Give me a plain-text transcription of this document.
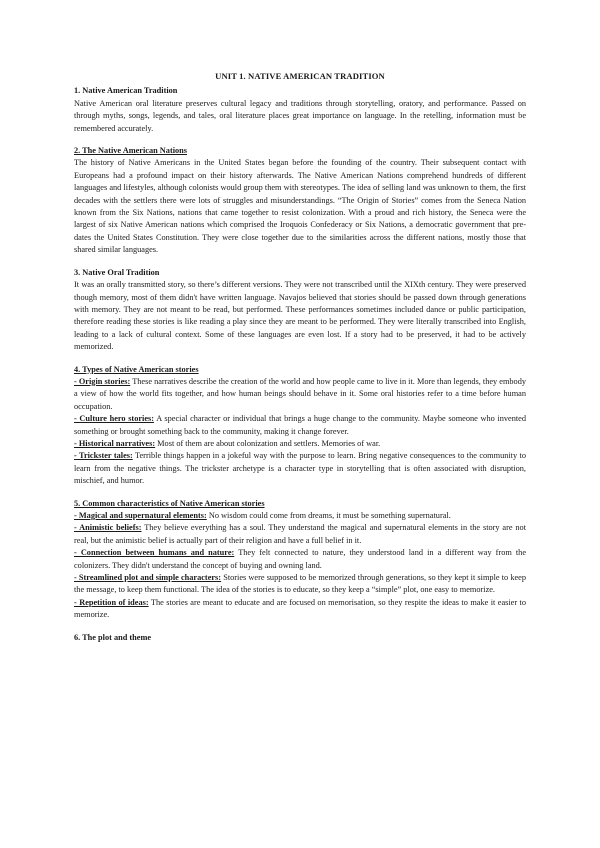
UNIT 1. NATIVE AMERICAN TRADITION
1. Native American Tradition

Native American oral literature preserves cultural legacy and traditions through storytelling, oratory, and performance. Passed on through myths, songs, legends, and tales, oral literature places great importance on language. In the retelling, information must be remembered accurately.

2. The Native American Nations

The history of Native Americans in the United States began before the founding of the country. Their subsequent contact with Europeans had a profound impact on their history afterwards. The Native American Nations comprehend hundreds of different languages and lifestyles, although colonists would group them with stereotypes. The idea of selling land was unknown to them, the first decades with the settlers there were lots of struggles and misunderstandings. “The Origin of Stories” comes from the Seneca Nation known from the Six Nations, nations that came together to resist colonization. With a proud and rich history, the Seneca were the largest of six Native American nations which comprised the Iroquois Confederacy or Six Nations, a democratic government that pre-dates the United States Constitution. They were close together due to the similarities across the different nations, mostly those that shared similar languages.

3. Native Oral Tradition

It was an orally transmitted story, so there’s different versions. They were not transcribed until the XIXth century. They were preserved though memory, most of them didn't have written language. Navajos believed that stories should be passed down through generations with memory. They are not meant to be read, but performed. These performances sometimes included dance or public participation, therefore reading these stories is like reading a play since they are meant to be performed. They were literally transcribed into English, leading to a lack of cultural context. Some of these languages are even lost. If a story had to be preserved, it had to be actively memorized.

4. Types of Native American stories

- Origin stories: These narratives describe the creation of the world and how people came to live in it. More than legends, they embody a view of how the world fits together, and how human beings should behave in it. Some oral histories refer to a time before human occupation.

- Culture hero stories: A special character or individual that brings a huge change to the community. Maybe someone who invented something or brought something back to the community, making it change forever.

- Historical narratives: Most of them are about colonization and settlers. Memories of war.

- Trickster tales: Terrible things happen in a jokeful way with the purpose to learn. Bring negative consequences to the community to learn from the negative things. The trickster archetype is a character type in storytelling that is often associated with disruption, mischief, and humor.

5. Common characteristics of Native American stories

- Magical and supernatural elements: No wisdom could come from dreams, it must be something supernatural.

- Animistic beliefs: They believe everything has a soul. They understand the magical and supernatural elements in the story are not real, but the animistic belief is actually part of their religion and have a full belief in it.

- Connection between humans and nature: They felt connected to nature, they understood land in a different way from the colonizers. They didn't understand the concept of buying and owning land.

- Streamlined plot and simple characters: Stories were supposed to be memorized through generations, so they kept it simple to keep the message, to keep them functional. The idea of the stories is to educate, so they keep a “simple” plot, one easy to memorize.

- Repetition of ideas: The stories are meant to educate and are focused on memorisation, so they respite the ideas to make it easier to memorize.

6. The plot and theme
